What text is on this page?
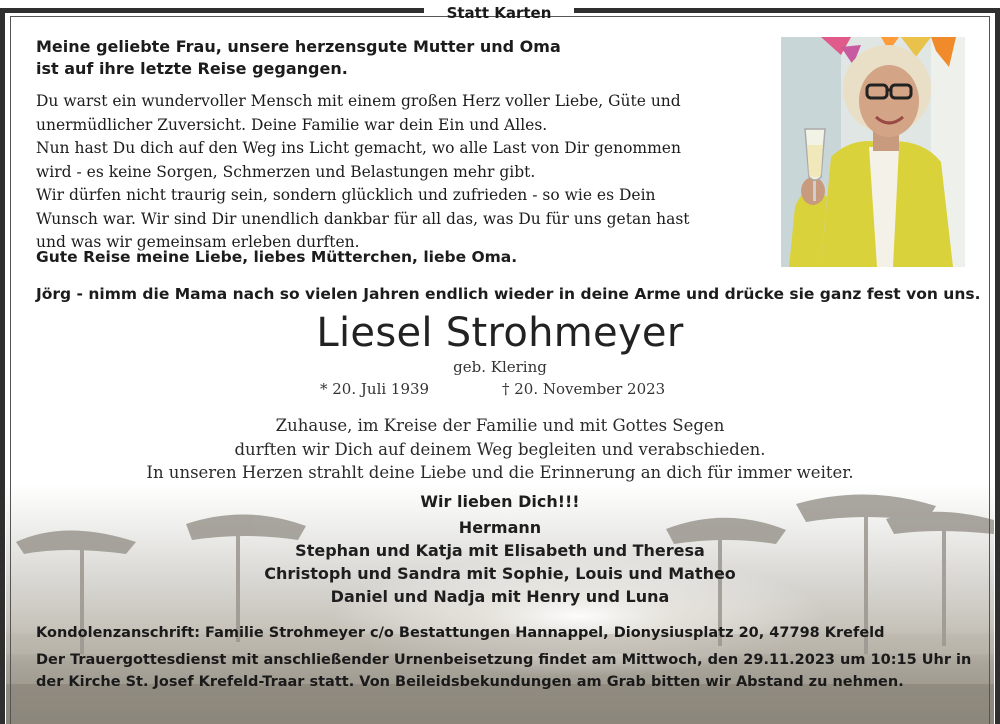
Statt Karten
Meine geliebte Frau, unsere herzensgute Mutter und Oma
ist auf ihre letzte Reise gegangen.
Du warst ein wundervoller Mensch mit einem großen Herz voller Liebe, Güte und
unermüdlicher Zuversicht. Deine Familie war dein Ein und Alles.
Nun hast Du dich auf den Weg ins Licht gemacht, wo alle Last von Dir genommen
wird - es keine Sorgen, Schmerzen und Belastungen mehr gibt.
Wir dürfen nicht traurig sein, sondern glücklich und zufrieden - so wie es Dein
Wunsch war. Wir sind Dir unendlich dankbar für all das, was Du für uns getan hast
und was wir gemeinsam erleben durften.
Gute Reise meine Liebe, liebes Mütterchen, liebe Oma.
Jörg - nimm die Mama nach so vielen Jahren endlich wieder in deine Arme und drücke sie ganz fest von uns.
Liesel Strohmeyer
geb. Klering
* 20. Juli 1939	† 20. November 2023
Zuhause, im Kreise der Familie und mit Gottes Segen
durften wir Dich auf deinem Weg begleiten und verabschieden.
In unseren Herzen strahlt deine Liebe und die Erinnerung an dich für immer weiter.
Wir lieben Dich!!!
Hermann
Stephan und Katja mit Elisabeth und Theresa
Christoph und Sandra mit Sophie, Louis und Matheo
Daniel und Nadja mit Henry und Luna
Kondolenzanschrift: Familie Strohmeyer c/o Bestattungen Hannappel, Dionysiusplatz 20, 47798 Krefeld
Der Trauergottesdienst mit anschließender Urnenbeisetzung findet am Mittwoch, den 29.11.2023 um 10:15 Uhr in
der Kirche St. Josef Krefeld-Traar statt. Von Beileidsbekundungen am Grab bitten wir Abstand zu nehmen.
